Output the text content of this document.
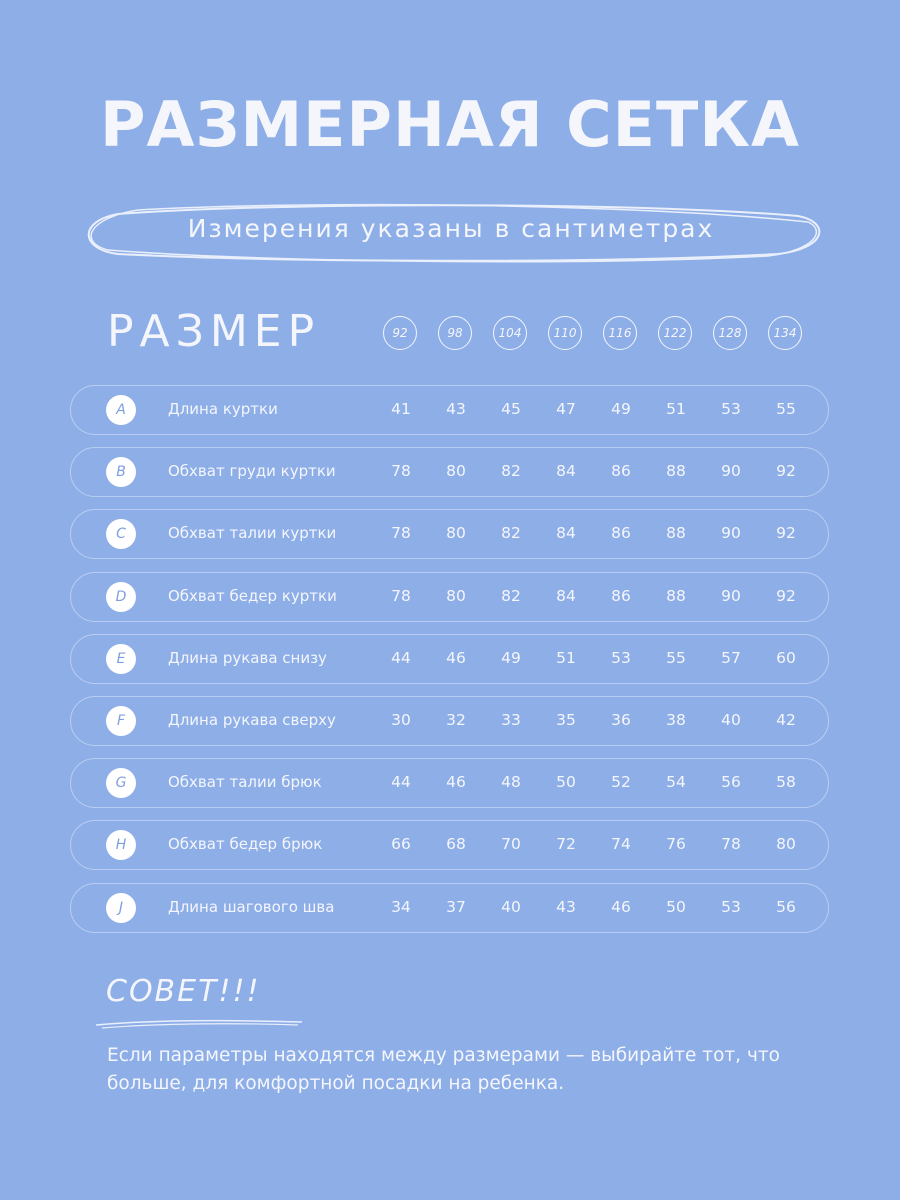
РАЗМЕРНАЯ СЕТКА
Измерения указаны в сантиметрах
РАЗМЕР	92	98	104	110	116	122	128	134
A	Длина куртки	41	43	45	47	49	51	53	55
B	Обхват груди куртки	78	80	82	84	86	88	90	92
C	Обхват талии куртки	78	80	82	84	86	88	90	92
D	Обхват бедер куртки	78	80	82	84	86	88	90	92
E	Длина рукава снизу	44	46	49	51	53	55	57	60
F	Длина рукава сверху	30	32	33	35	36	38	40	42
G	Обхват талии брюк	44	46	48	50	52	54	56	58
H	Обхват бедер брюк	66	68	70	72	74	76	78	80
J	Длина шагового шва	34	37	40	43	46	50	53	56
СОВЕТ!!!
Если параметры находятся между размерами — выбирайте тот, что больше, для комфортной посадки на ребенка.
